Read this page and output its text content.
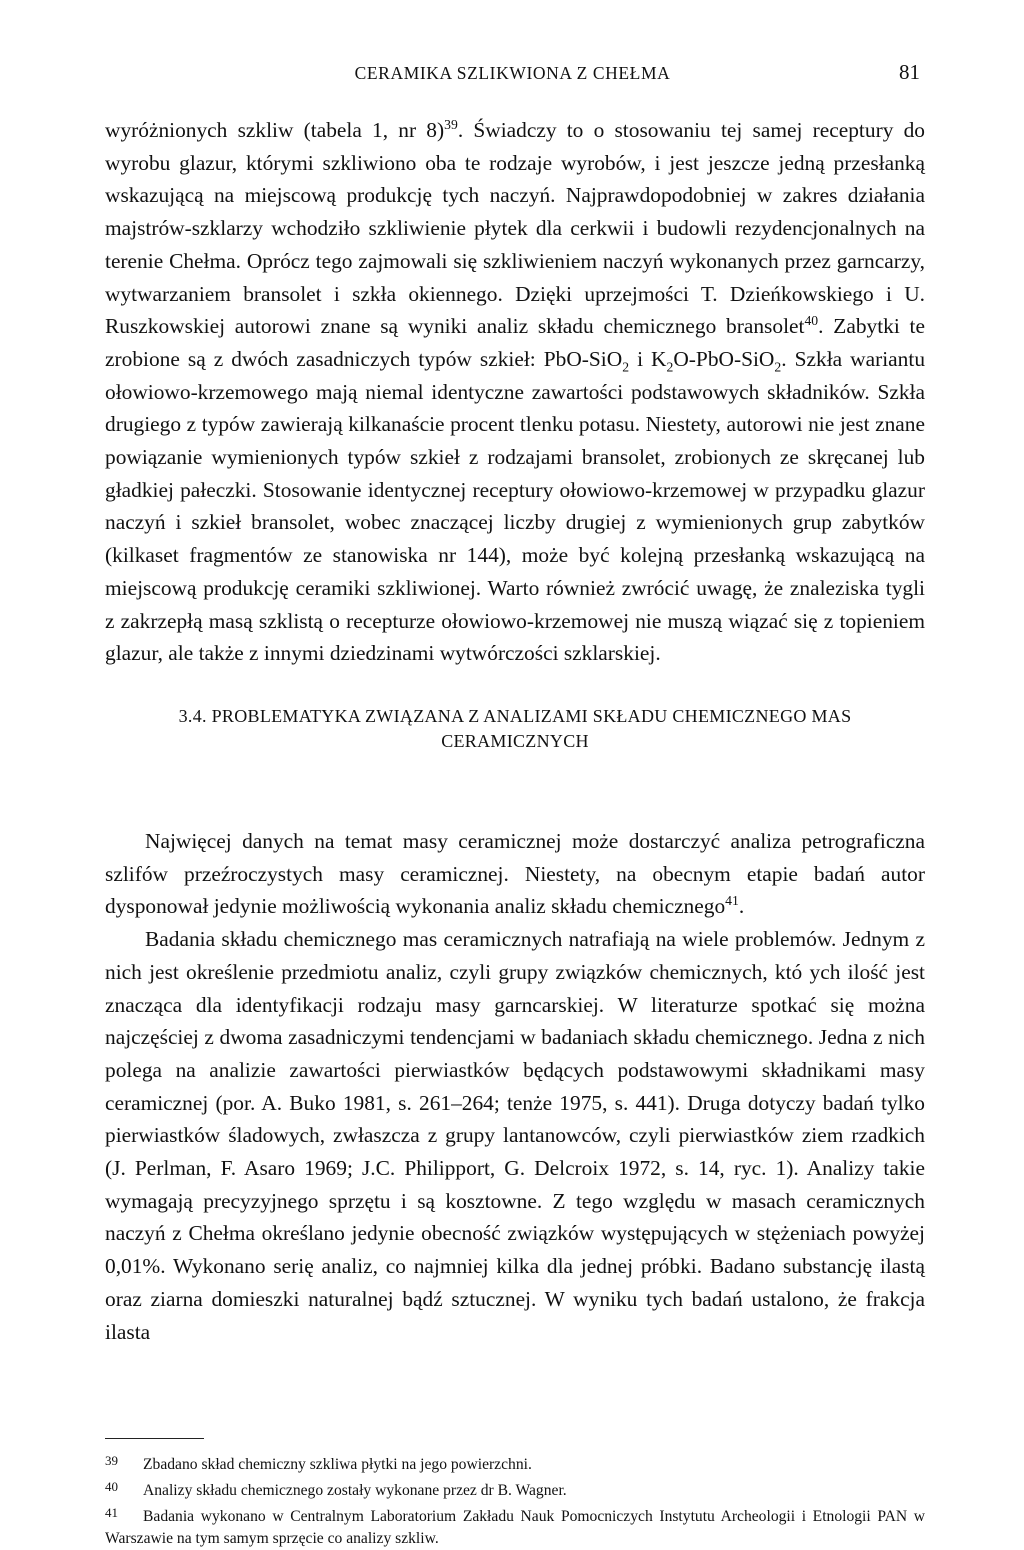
CERAMIKA SZLIKWIONA Z CHEŁMA	81

wyróżnionych szkliw (tabela 1, nr 8)$^{39}$. Świadczy to o stosowaniu tej samej receptury do wyrobu glazur, którymi szkliwiono oba te rodzaje wyrobów, i jest jeszcze jedną przesłanką wskazującą na miejscową produkcję tych naczyń. Najprawdopodobniej w zakres działania majstrów-szklarzy wchodziło szkliwienie płytek dla cerkwii i budowli rezydencjonalnych na terenie Chełma. Oprócz tego zajmowali się szkliwieniem naczyń wykonanych przez garncarzy, wytwarzaniem bransolet i szkła okiennego. Dzięki uprzejmości T. Dzieńkowskiego i U. Ruszkowskiej autorowi znane są wyniki analiz składu chemicznego bransolet$^{40}$. Zabytki te zrobione są z dwóch zasadniczych typów szkieł: PbO-SiO$_2$ i $K_2O-PbO-SiO_2$. Szkła wariantu ołowiowo-krzemowego mają niemal identyczne zawartości podstawowych składników. Szkła drugiego z typów zawierają kilkanaście procent tlenku potasu. Niestety, autorowi nie jest znane powiązanie wymienionych typów szkieł z rodzajami bransolet, zrobionych ze skręcanej lub gładkiej pałeczki. Stosowanie identycznej receptury ołowiowo-krzemowej w przypadku glazur naczyń i szkieł bransolet, wobec znaczącej liczby drugiej z wymienionych grup zabytków (kilkaset fragmentów ze stanowiska nr 144), może być kolejną przesłanką wskazującą na miejscową produkcję ceramiki szkliwionej. Warto również zwrócić uwagę, że znaleziska tygli z zakrzepłą masą szklistą o recepturze ołowiowo-krzemowej nie muszą wiązać się z topieniem glazur, ale także z innymi dziedzinami wytwórczości szklarskiej.

3.4. PROBLEMATYKA ZWIĄZANA Z ANALIZAMI SKŁADU CHEMICZNEGO MAS CERAMICZNYCH

Najwięcej danych na temat masy ceramicznej może dostarczyć analiza petrograficzna szlifów przeźroczystych masy ceramicznej. Niestety, na obecnym etapie badań autor dysponował jedynie możliwością wykonania analiz składu chemicznego$^{41}$.

Badania składu chemicznego mas ceramicznych natrafiają na wiele problemów. Jednym z nich jest określenie przedmiotu analiz, czyli grupy związków chemicznych, któ ych ilość jest znacząca dla identyfikacji rodzaju masy garncarskiej. W literaturze spotkać się można najczęściej z dwoma zasadniczymi tendencjami w badaniach składu chemicznego. Jedna z nich polega na analizie zawartości pierwiastków będących podstawowymi składnikami masy ceramicznej (por. A. Buko 1981, s. 261–264; tenże 1975, s. 441). Druga dotyczy badań tylko pierwiastków śladowych, zwłaszcza z grupy lantanowców, czyli pierwiastków ziem rzadkich (J. Perlman, F. Asaro 1969; J.C. Philipport, G. Delcroix 1972, s. 14, ryc. 1). Analizy takie wymagają precyzyjnego sprzętu i są kosztowne. Z tego względu w masach ceramicznych naczyń z Chełma określano jedynie obecność związków występujących w stężeniach powyżej 0,01%. Wykonano serię analiz, co najmniej kilka dla jednej próbki. Badano substancję ilastą oraz ziarna domieszki naturalnej bądź sztucznej. W wyniku tych badań ustalono, że frakcja ilasta

39 Zbadano skład chemiczny szkliwa płytki na jego powierzchni.

40 Analizy składu chemicznego zostały wykonane przez dr B. Wagner.

41 Badania wykonano w Centralnym Laboratorium Zakładu Nauk Pomocniczych Instytutu Archeologii i Etnologii PAN w Warszawie na tym samym sprzęcie co analizy szkliw.
